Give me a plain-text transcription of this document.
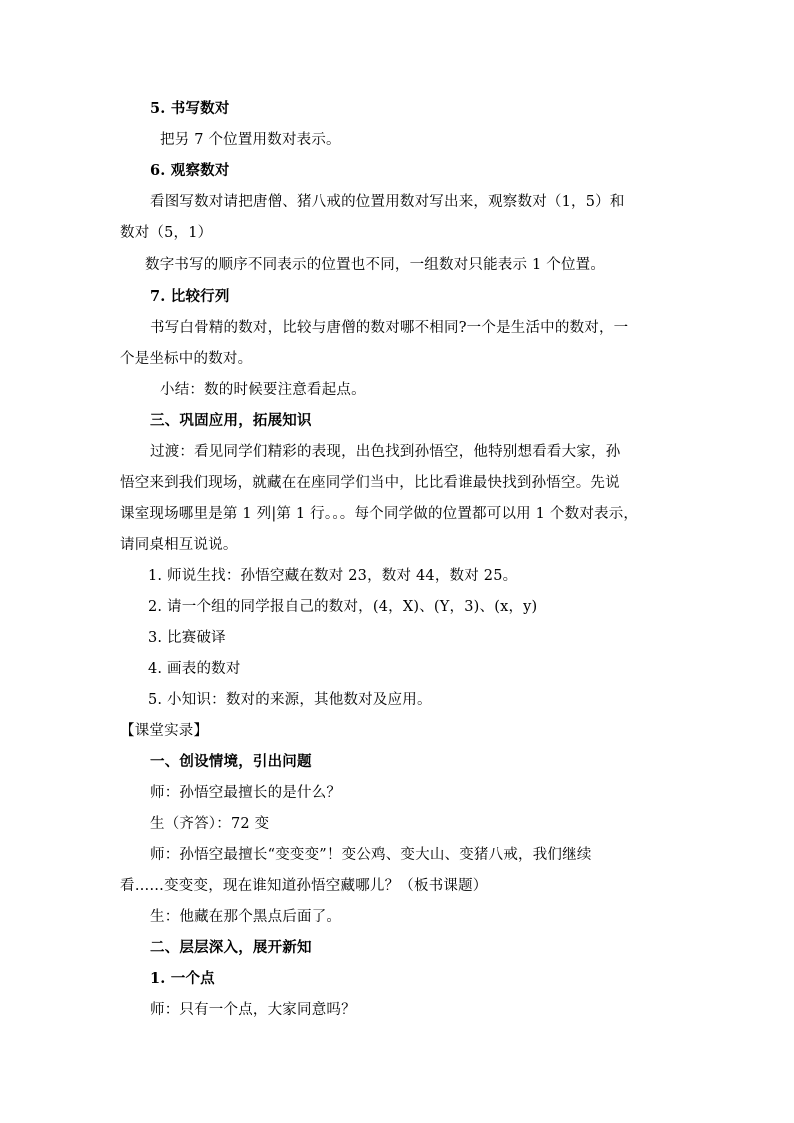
5. 书写数对
把另 7 个位置用数对表示。
6. 观察数对
看图写数对请把唐僧、猪八戒的位置用数对写出来，观察数对（1，5）和
数对（5，1）
数字书写的顺序不同表示的位置也不同，一组数对只能表示 1 个位置。
7. 比较行列
书写白骨精的数对，比较与唐僧的数对哪不相同?一个是生活中的数对，一
个是坐标中的数对。
小结：数的时候要注意看起点。
三、巩固应用，拓展知识
过渡：看见同学们精彩的表现，出色找到孙悟空，他特别想看看大家，孙
悟空来到我们现场，就藏在在座同学们当中，比比看谁最快找到孙悟空。先说
课室现场哪里是第 1 列|第 1 行。。。每个同学做的位置都可以用 1 个数对表示，
请同桌相互说说。
1. 师说生找：孙悟空藏在数对 23，数对 44，数对 25。
2. 请一个组的同学报自己的数对，(4，X)、(Y，3)、(x，y)
3. 比赛破译
4. 画表的数对
5. 小知识：数对的来源，其他数对及应用。
【课堂实录】
一、创设情境，引出问题
师：孙悟空最擅长的是什么？
生（齐答）：72 变
师：孙悟空最擅长“变变变”！变公鸡、变大山、变猪八戒，我们继续
看……变变变，现在谁知道孙悟空藏哪儿？（板书课题）
生：他藏在那个黑点后面了。
二、层层深入，展开新知
1. 一个点
师：只有一个点，大家同意吗？
